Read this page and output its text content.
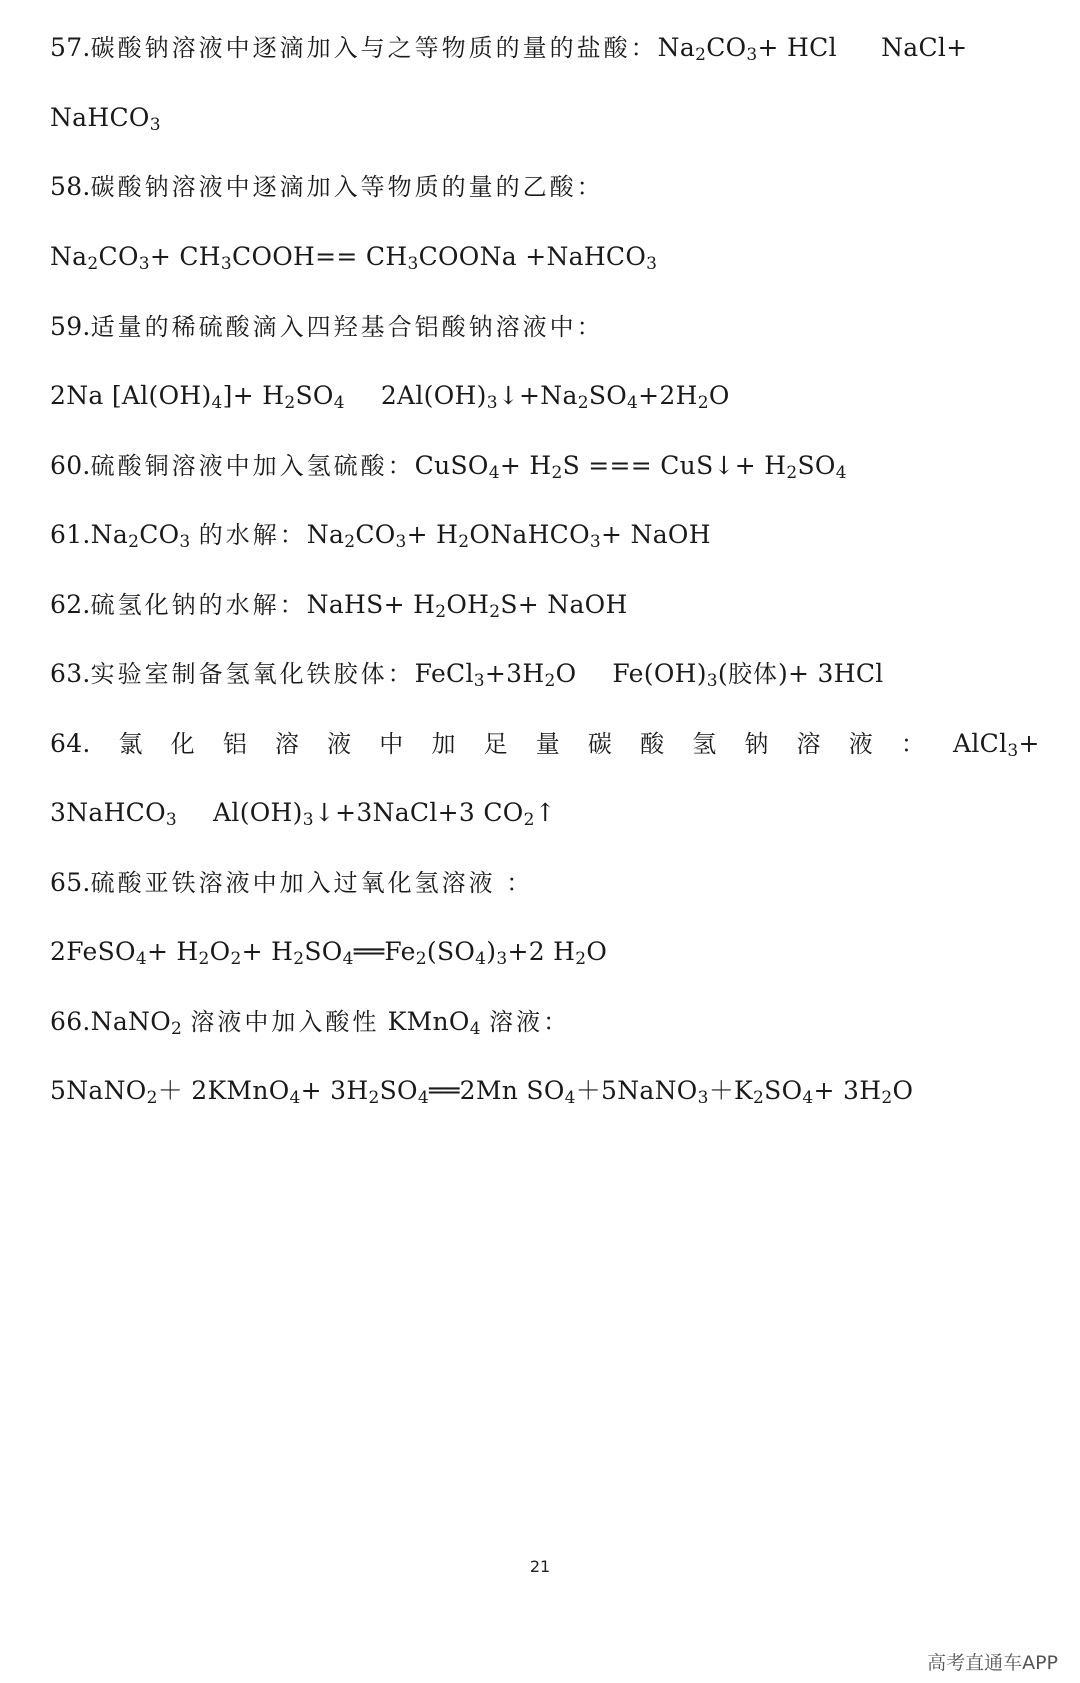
57.碳酸钠溶液中逐滴加入与之等物质的量的盐酸：$Na_2CO_3+$ HCl NaCl+
NaHCO$_3$
58.碳酸钠溶液中逐滴加入等物质的量的乙酸：
$Na_2CO_3+$ $CH_3COOH==$ $CH_3COONa$ +NaHCO$_3$
59.适量的稀硫酸滴入四羟基合铝酸钠溶液中：
2Na $[Al(OH)_4]+ H_2SO_4$ $2Al(OH)_3↓+Na_2SO_4+2H_2O$
60.硫酸铜溶液中加入氢硫酸：CuSO$_4$+ $H_2S$ === CuS↓+ $H_2SO_4$
$61.Na_2CO_3$ 的水解：$Na_2CO_3+$ $H_2ONaHCO_3+$ NaOH
62.硫氢化钠的水解：NaHS+ $H_2OH_2S+$ NaOH
63.实验室制备氢氧化铁胶体：$FeCl_3+3H_2O$ $Fe(OH)_3$(胶体)+ 3HCl
64. 氯 化 铝 溶 液 中 加 足 量 碳 酸 氢 钠 溶 液 ： AlCl$_3$+
3NaHCO$_3$ $Al(OH)_3↓+3NaCl+3$ $CO_2↑$
65.硫酸亚铁溶液中加入过氧化氢溶液 ：
2FeSO$_4$+ $H_2O_2+$ $H_2SO_4══Fe_2(SO_4)_3+2$ $H_2O$
66.NaNO$_2$ 溶液中加入酸性 KMnO$_4$ 溶液：
5NaNO$_2$＋ 2KMnO$_4$+ $3H_2SO_4══2Mn$ $SO_4+5NaNO_3+K_2SO_4+ 3H_2O$
21
高考直通车APP
